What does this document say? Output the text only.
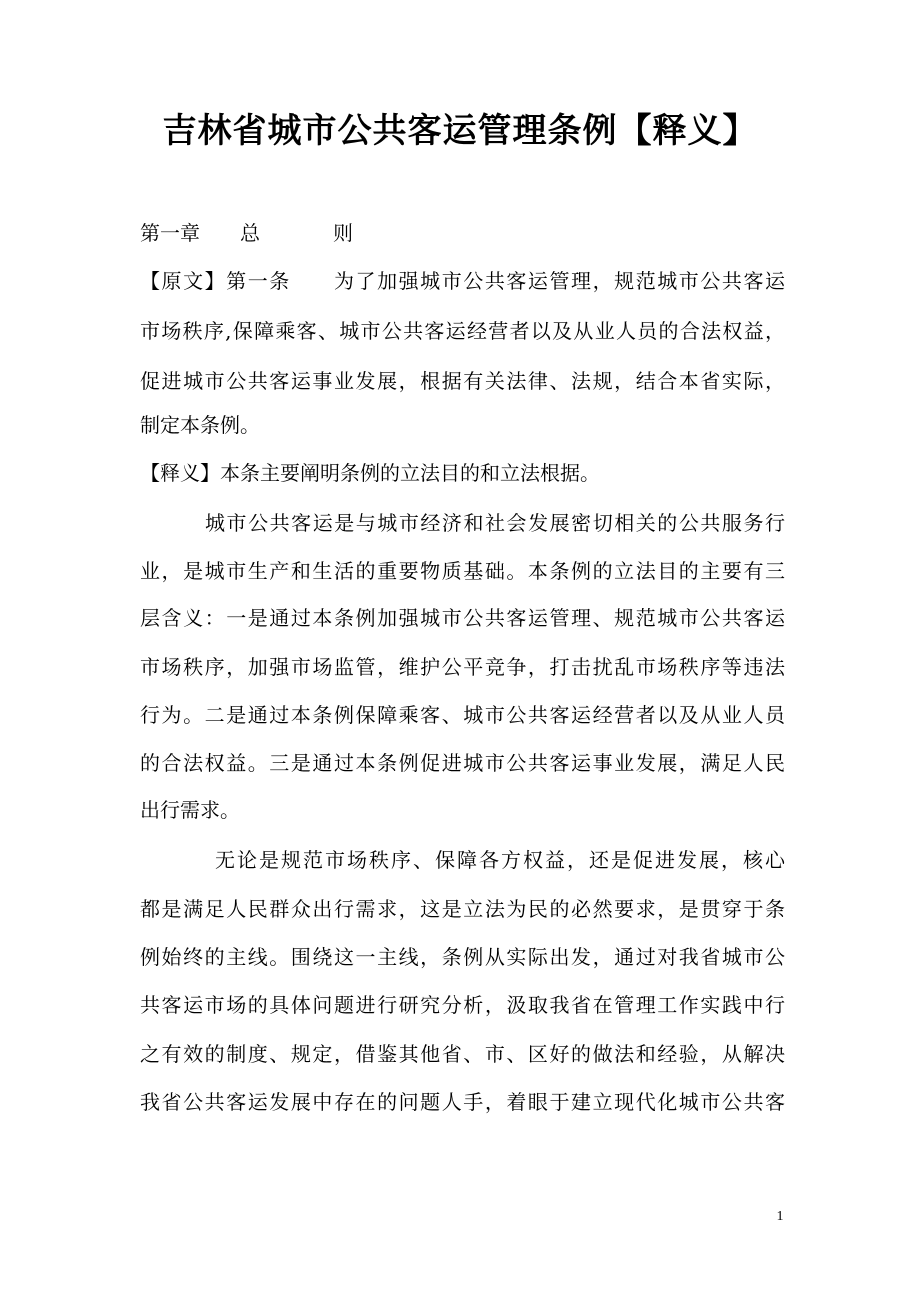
吉林省城市公共客运管理条例【释义】
第一章 总	则
【原文】第一条　　为了加强城市公共客运管理，规范城市公共客运
市场秩序,保障乘客、城市公共客运经营者以及从业人员的合法权益，
促进城市公共客运事业发展，根据有关法律、法规，结合本省实际，
制定本条例。
【释义】本条主要阐明条例的立法目的和立法根据。
城市公共客运是与城市经济和社会发展密切相关的公共服务行
业，是城市生产和生活的重要物质基础。本条例的立法目的主要有三
层含义：一是通过本条例加强城市公共客运管理、规范城市公共客运
市场秩序，加强市场监管，维护公平竞争，打击扰乱市场秩序等违法
行为。二是通过本条例保障乘客、城市公共客运经营者以及从业人员
的合法权益。三是通过本条例促进城市公共客运事业发展，满足人民
出行需求。
无论是规范市场秩序、保障各方权益，还是促进发展，核心
都是满足人民群众出行需求，这是立法为民的必然要求，是贯穿于条
例始终的主线。围绕这一主线，条例从实际出发，通过对我省城市公
共客运市场的具体问题进行研究分析，汲取我省在管理工作实践中行
之有效的制度、规定，借鉴其他省、市、区好的做法和经验，从解决
我省公共客运发展中存在的问题人手，着眼于建立现代化城市公共客
1
